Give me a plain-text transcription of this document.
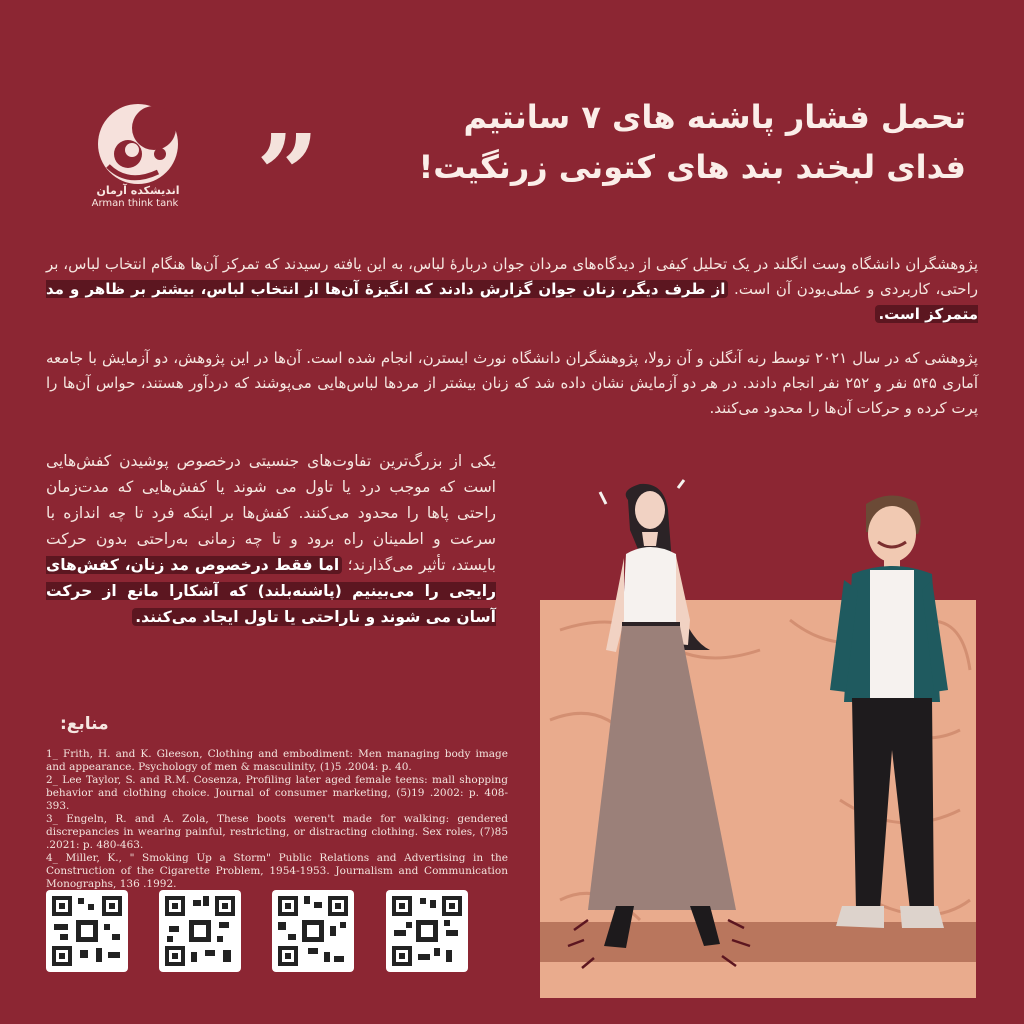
اندیشکده آرمان
Arman think tank
تحمل فشار پاشنه های ۷ سانتیم
فدای لبخند بند های کتونی زرنگیت!
”
پژوهشگران دانشگاه وست انگلند در یک تحلیل کیفی از دیدگاه‌های مردان جوان دربارهٔ لباس، به این یافته رسیدند که تمرکز آن‌ها هنگام انتخاب لباس، بر راحتی، کاربردی و عملی‌بودن آن است. از طرف دیگر، زنان جوان گزارش دادند که انگیزهٔ آن‌ها از انتخاب لباس، بیشتر بر ظاهر و مد متمرکز است.
پژوهشی که در سال ۲۰۲۱ توسط رنه آنگلن و آن زولا، پژوهشگران دانشگاه نورث ایسترن، انجام شده است. آن‌ها در این پژوهش، دو آزمایش با جامعه آماری ۵۴۵ نفر و ۲۵۲ نفر انجام دادند. در هر دو آزمایش نشان داده شد که زنان بیشتر از مردها لباس‌هایی می‌پوشند که دردآور هستند، حواس آن‌ها را پرت کرده و حرکات آن‌ها را محدود می‌کنند.
یکی از بزرگ‌ترین تفاوت‌های جنسیتی درخصوص پوشیدن کفش‌هایی است که موجب درد یا تاول می شوند یا کفش‌هایی که مدت‌زمان راحتی پاها را محدود می‌کنند. کفش‌ها بر اینکه فرد تا چه اندازه با سرعت و اطمینان راه برود و تا چه زمانی به‌راحتی بدون حرکت بایستد، تأثیر می‌گذارند؛ اما فقط درخصوص مد زنان، کفش‌های رایجی را می‌بینیم (پاشنه‌بلند) که آشکارا مانع از حرکت آسان می شوند و ناراحتی یا تاول ایجاد می‌کنند.
منابع:
1_ Frith, H. and K. Gleeson, Clothing and embodiment: Men managing body image and appearance. Psychology of men & masculinity, (1)5 .2004: p. 40.
2_ Lee Taylor, S. and R.M. Cosenza, Profiling later aged female teens: mall shopping behavior and clothing choice. Journal of consumer marketing, (5)19 .2002: p. 408-393.
3_ Engeln, R. and A. Zola, These boots weren't made for walking: gendered discrepancies in wearing painful, restricting, or distracting clothing. Sex roles, (7)85 .2021: p. 480-463.
4_ Miller, K., " Smoking Up a Storm" Public Relations and Advertising in the Construction of the Cigarette Problem, 1954-1953. Journalism and Communication Monographs, 136 .1992.
